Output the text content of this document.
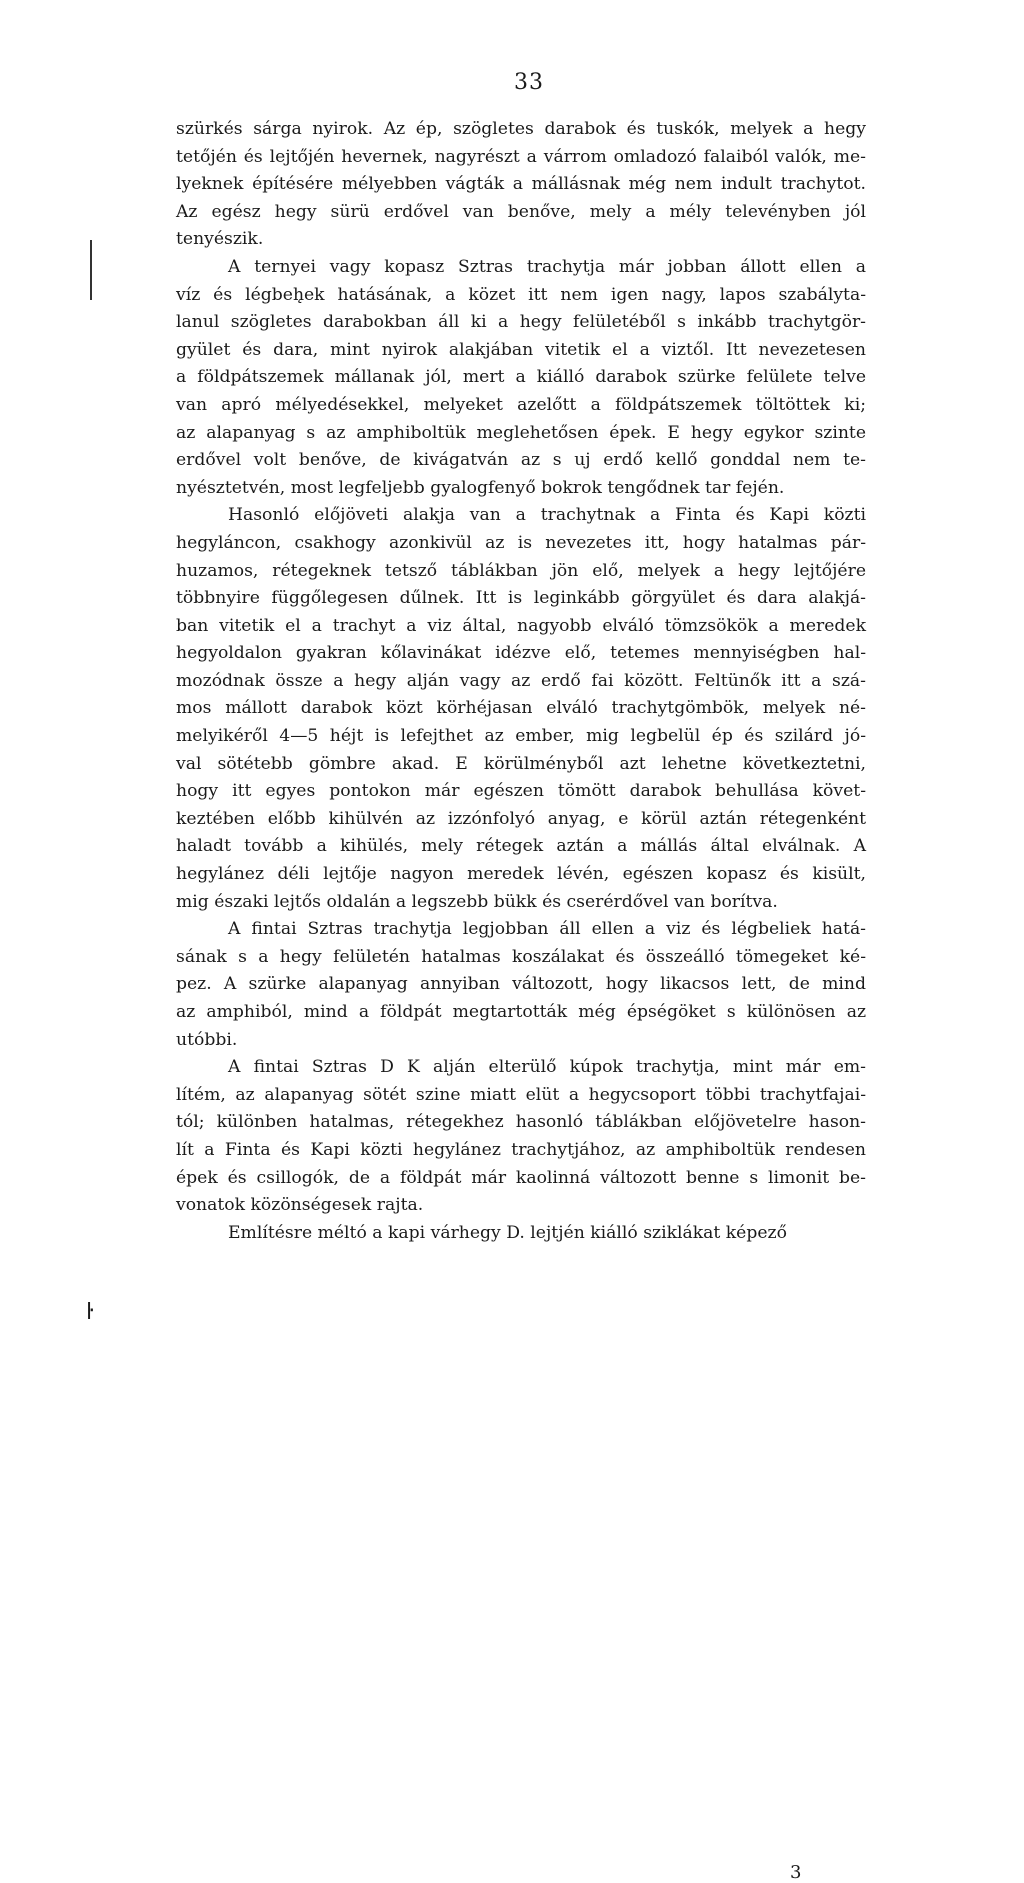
33
szürkés sárga nyirok. Az ép, szögletes darabok és tuskók, melyek a hegy
tetőjén és lejtőjén hevernek, nagyrészt a várrom omladozó falaiból valók, me-
lyeknek építésére mélyebben vágták a mállásnak még nem indult trachytot.
Az egész hegy sürü erdővel van benőve, mely a mély televényben jól
tenyészik.
A ternyei vagy kopasz Sztras trachytja már jobban állott ellen a
víz és légbeh̨ek hatásának, a közet itt nem igen nagy, lapos szabályta-
lanul szögletes darabokban áll ki a hegy felületéből s inkább trachytgör-
gyület és dara, mint nyirok alakjában vitetik el a viztől. Itt nevezetesen
a földpátszemek mállanak jól, mert a kiálló darabok szürke felülete telve
van apró mélyedésekkel, melyeket azelőtt a földpátszemek töltöttek ki;
az alapanyag s az amphiboltük meglehetősen épek. E hegy egykor szinte
erdővel volt benőve, de kivágatván az s uj erdő kellő gonddal nem te-
nyésztetvén, most legfeljebb gyalogfenyő bokrok tengődnek tar fején.
Hasonló előjöveti alakja van a trachytnak a Finta és Kapi közti
hegyláncon, csakhogy azonkivül az is nevezetes itt, hogy hatalmas pár-
huzamos, rétegeknek tetsző táblákban jön elő, melyek a hegy lejtőjére
többnyire függőlegesen dűlnek. Itt is leginkább görgyület és dara alakjá-
ban vitetik el a trachyt a viz által, nagyobb elváló tömzsökök a meredek
hegyoldalon gyakran kőlavinákat idézve elő, tetemes mennyiségben hal-
mozódnak össze a hegy alján vagy az erdő fai között. Feltünők itt a szá-
mos mállott darabok közt körhéjasan elváló trachytgömbök, melyek né-
melyikéről 4—5 héjt is lefejthet az ember, mig legbelül ép és szilárd jó-
val sötétebb gömbre akad. E körülményből azt lehetne következtetni,
hogy itt egyes pontokon már egészen tömött darabok behullása követ-
keztében előbb kihülvén az izzónfolyó anyag, e körül aztán rétegenként
haladt tovább a kihülés, mely rétegek aztán a mállás által elválnak. A
hegylánez déli lejtője nagyon meredek lévén, egészen kopasz és kisült,
mig északi lejtős oldalán a legszebb bükk és cserérdővel van borítva.
A fintai Sztras trachytja legjobban áll ellen a viz és légbeliek hatá-
sának s a hegy felületén hatalmas koszálakat és összeálló tömegeket ké-
pez. A szürke alapanyag annyiban változott, hogy likacsos lett, de mind
az amphiból, mind a földpát megtartották még épségöket s különösen az
utóbbi.
A fintai Sztras D K alján elterülő kúpok trachytja, mint már em-
lítém, az alapanyag sötét szine miatt elüt a hegycsoport többi trachytfajai-
tól; különben hatalmas, rétegekhez hasonló táblákban előjövetelre hason-
lít a Finta és Kapi közti hegylánez trachytjához, az amphiboltük rendesen
épek és csillogók, de a földpát már kaolinná változott benne s limonit be-
vonatok közönségesek rajta.
Említésre méltó a kapi várhegy D. lejtjén kiálló sziklákat képező
3
ŀ
